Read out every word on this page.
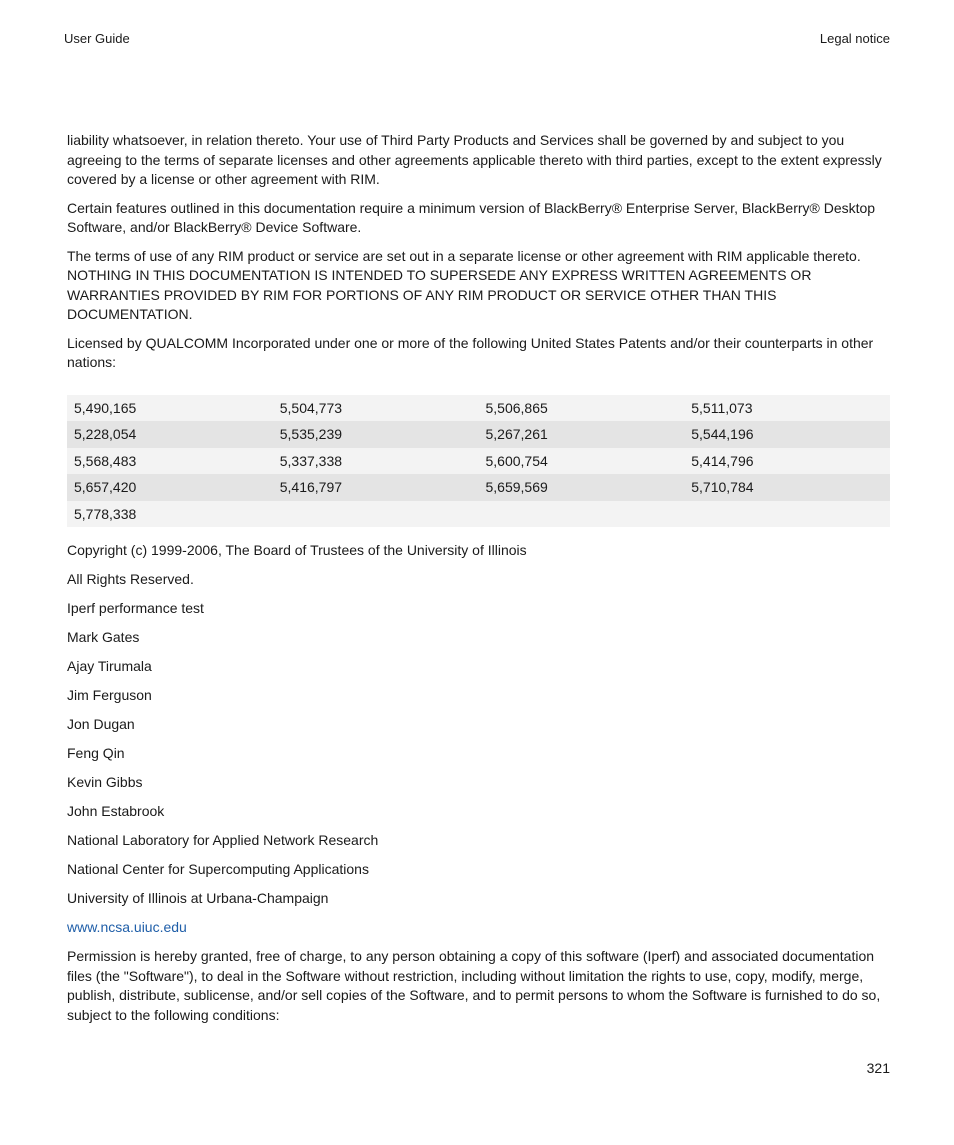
User Guide	Legal notice

liability whatsoever, in relation thereto. Your use of Third Party Products and Services shall be governed by and subject to you agreeing to the terms of separate licenses and other agreements applicable thereto with third parties, except to the extent expressly covered by a license or other agreement with RIM.

Certain features outlined in this documentation require a minimum version of BlackBerry® Enterprise Server, BlackBerry® Desktop Software, and/or BlackBerry® Device Software.

The terms of use of any RIM product or service are set out in a separate license or other agreement with RIM applicable thereto. NOTHING IN THIS DOCUMENTATION IS INTENDED TO SUPERSEDE ANY EXPRESS WRITTEN AGREEMENTS OR WARRANTIES PROVIDED BY RIM FOR PORTIONS OF ANY RIM PRODUCT OR SERVICE OTHER THAN THIS DOCUMENTATION.

Licensed by QUALCOMM Incorporated under one or more of the following United States Patents and/or their counterparts in other nations:

5,490,165	5,504,773	5,506,865	5,511,073
5,228,054	5,535,239	5,267,261	5,544,196
5,568,483	5,337,338	5,600,754	5,414,796
5,657,420	5,416,797	5,659,569	5,710,784
5,778,338			

Copyright (c) 1999-2006, The Board of Trustees of the University of Illinois

All Rights Reserved.

Iperf performance test

Mark Gates

Ajay Tirumala

Jim Ferguson

Jon Dugan

Feng Qin

Kevin Gibbs

John Estabrook

National Laboratory for Applied Network Research

National Center for Supercomputing Applications

University of Illinois at Urbana-Champaign

www.ncsa.uiuc.edu

Permission is hereby granted, free of charge, to any person obtaining a copy of this software (Iperf) and associated documentation files (the "Software"), to deal in the Software without restriction, including without limitation the rights to use, copy, modify, merge, publish, distribute, sublicense, and/or sell copies of the Software, and to permit persons to whom the Software is furnished to do so, subject to the following conditions:

321
